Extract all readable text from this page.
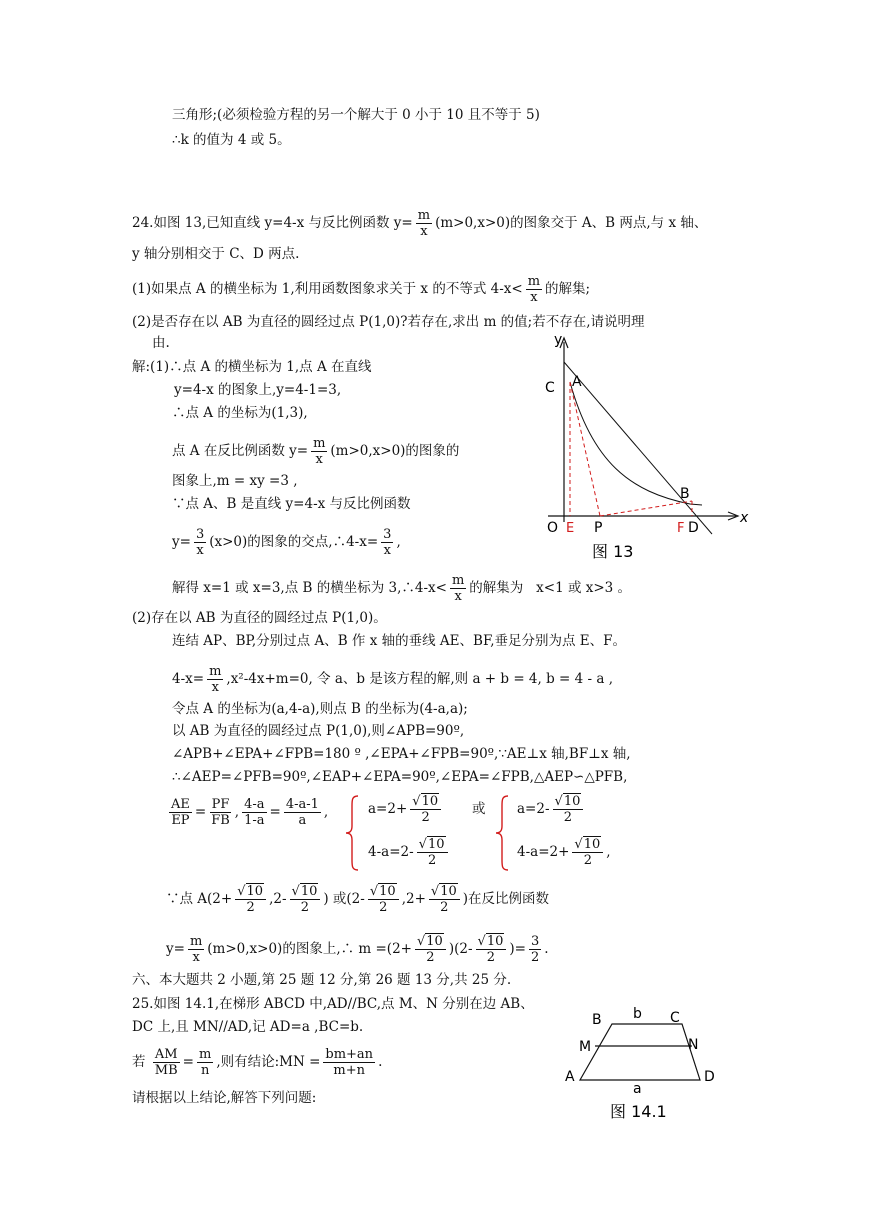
三角形;(必须检验方程的另一个解大于 0 小于 10 且不等于 5)
∴k 的值为 4 或 5。
24.如图 13,已知直线 y=4-x 与反比例函数 $y= \frac{m}{x} (m>0,x>0)$的图象交于 A、B 两点,与 x 轴、
y 轴分别相交于 C、D 两点.
(1)如果点 A 的横坐标为 1,利用函数图象求关于 x 的不等式 $4-x< \frac{m}{x}$ 的解集;
(2)是否存在以 AB 为直径的圆经过点 P(1,0)?若存在,求出 m 的值;若不存在,请说明理
由.
解:(1)∴点 A 的横坐标为 1,点 A 在直线
y=4-x 的图象上,y=4-1=3,
∴点 A 的坐标为(1,3),
点 A 在反比例函数 $y= \frac{m}{x} (m>0,x>0)$的图象的
图象上,m = xy =3 ,
∵点 A、B 是直线 y=4-x 与反比例函数
$y= \frac{3}{x} (x>0)$的图象的交点,∴4-x= $\frac{3}{x}$ ,
解得 x=1 或 x=3,点 B 的横坐标为 3,∴4-x< $\frac{m}{x}$ 的解集为 x<1 或 x>3 。
y
x
O
C A
B
E P	F D
图 13
(2)存在以 AB 为直径的圆经过点 P(1,0)。
连结 AP、BP,分别过点 A、B 作 x 轴的垂线 AE、BF,垂足分别为点 E、F。
$4-x= \frac{m}{x} ,x^2-4x+m=0$, 令 a、b 是该方程的解,则 a + b = 4, b = 4 - a ,
令点 A 的坐标为(a,4-a),则点 B 的坐标为(4-a,a);
以 AB 为直径的圆经过点 P(1,0),则∠APB=90º,
∠APB+∠EPA+∠FPB=180 º ,∠EPA+∠FPB=90º,∵AE⊥x 轴,BF⊥x 轴,
∴∠AEP=∠PFB=90º,∠EAP+∠EPA=90º,∠EPA=∠FPB,△AEP∽△PFB,
$\frac{AE}{EP} = \frac{PF}{FB}$ , $\frac{4-a}{1-a} = \frac{4-a-1}{a}$ ,	$a=2+ \frac{√10}{2}$
$4-a=2- \frac{√10}{2}$
或 $a=2- \frac{√10}{2}$
$4-a=2+ \frac{√10}{2}$ ,
∵点 $A(2+ \frac{√10}{2} ,2- \frac{√10}{2}$ ) 或($2- \frac{√10}{2} ,2+ \frac{√10}{2}$ )在反比例函数
$y= \frac{m}{x} (m>0,x>0)$的图象上,∴ $m =(2+ \frac{√10}{2} )(2- \frac{√10}{2}$ )= $\frac{3}{2}$ .
六、本大题共 2 小题,第 25 题 12 分,第 26 题 13 分,共 25 分.
25.如图 14.1,在梯形 ABCD 中,AD//BC,点 M、N 分别在边 AB、
DC 上,且 MN//AD,记 AD=a ,BC=b.
若 $\frac{AM}{MB} = \frac{m}{n}$ ,则有结论:MN = $\frac{bm+an}{m+n}$ .
请根据以上结论,解答下列问题:
B b C
M	N
A
a
D
图 14.1
